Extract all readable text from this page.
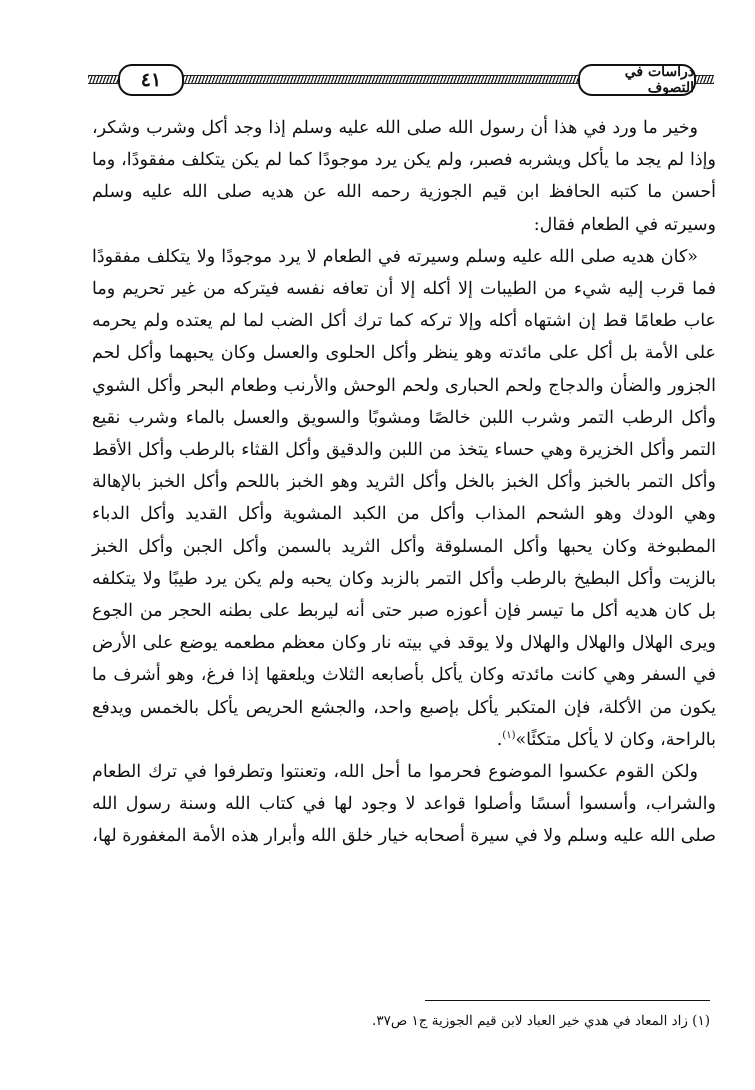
٤١	دراسات في التصوف

وخير ما ورد في هذا أن رسول الله صلى الله عليه وسلم إذا وجد أكل وشرب وشكر، وإذا لم يجد ما يأكل ويشربه فصبر، ولم يكن يرد موجودًا كما لم يكن يتكلف مفقودًا، وما أحسن ما كتبه الحافظ ابن قيم الجوزية رحمه الله عن هديه صلى الله عليه وسلم وسيرته في الطعام فقال:

«كان هديه صلى الله عليه وسلم وسيرته في الطعام لا يرد موجودًا ولا يتكلف مفقودًا فما قرب إليه شيء من الطيبات إلا أكله إلا أن تعافه نفسه فيتركه من غير تحريم وما عاب طعامًا قط إن اشتهاه أكله وإلا تركه كما ترك أكل الضب لما لم يعتده ولم يحرمه على الأمة بل أكل على مائدته وهو ينظر وأكل الحلوى والعسل وكان يحبهما وأكل لحم الجزور والضأن والدجاج ولحم الحبارى ولحم الوحش والأرنب وطعام البحر وأكل الشوي وأكل الرطب التمر وشرب اللبن خالصًا ومشوبًا والسويق والعسل بالماء وشرب نقيع التمر وأكل الخزيرة وهي حساء يتخذ من اللبن والدقيق وأكل القثاء بالرطب وأكل الأقط وأكل التمر بالخبز وأكل الخبز بالخل وأكل الثريد وهو الخبز باللحم وأكل الخبز بالإهالة وهي الودك وهو الشحم المذاب وأكل من الكبد المشوية وأكل القديد وأكل الدباء المطبوخة وكان يحبها وأكل المسلوقة وأكل الثريد بالسمن وأكل الجبن وأكل الخبز بالزيت وأكل البطيخ بالرطب وأكل التمر بالزبد وكان يحبه ولم يكن يرد طيبًا ولا يتكلفه بل كان هديه أكل ما تيسر فإن أعوزه صبر حتى أنه ليربط على بطنه الحجر من الجوع ويرى الهلال والهلال والهلال ولا يوقد في بيته نار وكان معظم مطعمه يوضع على الأرض في السفر وهي كانت مائدته وكان يأكل بأصابعه الثلاث ويلعقها إذا فرغ، وهو أشرف ما يكون من الأكلة، فإن المتكبر يأكل بإصبع واحد، والجشع الحريص يأكل بالخمس ويدفع بالراحة، وكان لا يأكل متكئًا»$^{(١)}$.

ولكن القوم عكسوا الموضوع فحرموا ما أحل الله، وتعنتوا وتطرفوا في ترك الطعام والشراب، وأسسوا أسسًا وأصلوا قواعد لا وجود لها في كتاب الله وسنة رسول الله صلى الله عليه وسلم ولا في سيرة أصحابه خيار خلق الله وأبرار هذه الأمة المغفورة لها،

(١) زاد المعاد في هدي خير العباد لابن قيم الجوزية ج١ ص٣٧.
